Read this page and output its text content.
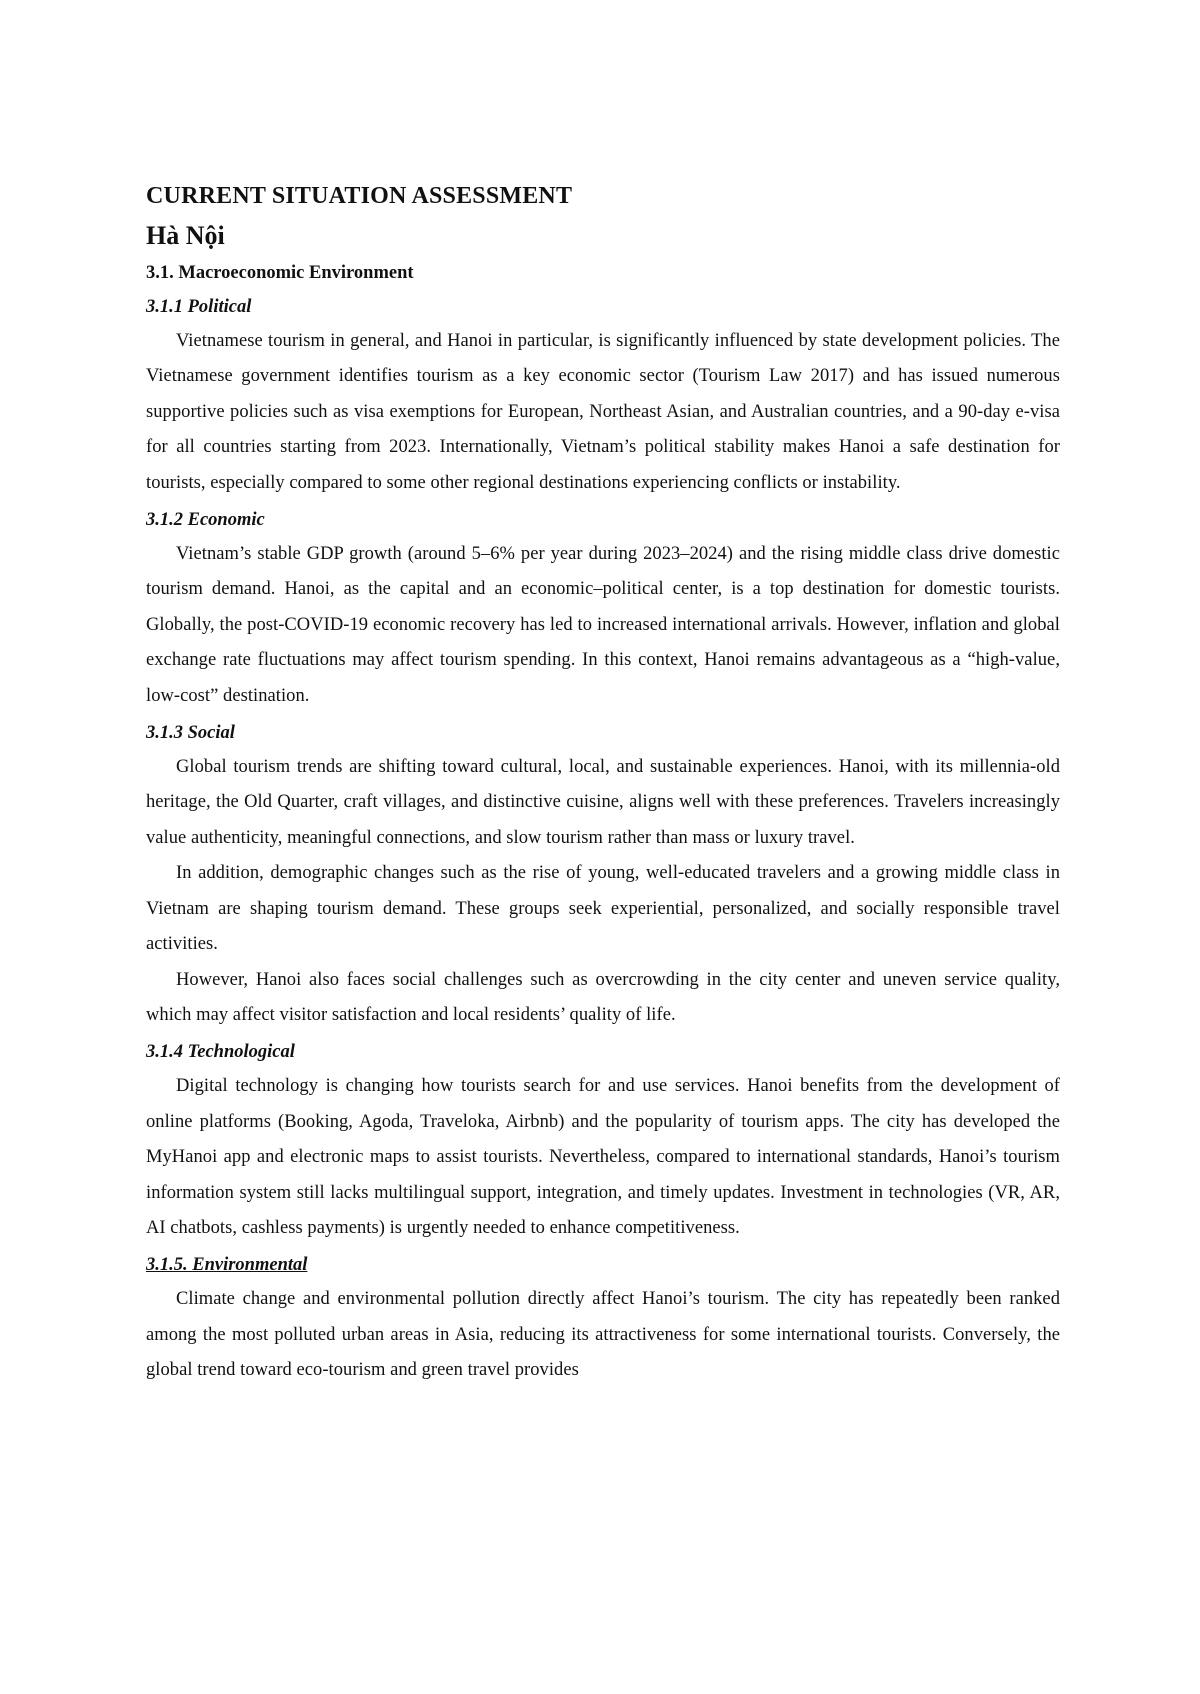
CURRENT SITUATION ASSESSMENT
Hà Nội
3.1. Macroeconomic Environment
3.1.1 Political

Vietnamese tourism in general, and Hanoi in particular, is significantly influenced by state development policies. The Vietnamese government identifies tourism as a key economic sector (Tourism Law 2017) and has issued numerous supportive policies such as visa exemptions for European, Northeast Asian, and Australian countries, and a 90-day e-visa for all countries starting from 2023. Internationally, Vietnam’s political stability makes Hanoi a safe destination for tourists, especially compared to some other regional destinations experiencing conflicts or instability.

3.1.2 Economic

Vietnam’s stable GDP growth (around 5–6% per year during 2023–2024) and the rising middle class drive domestic tourism demand. Hanoi, as the capital and an economic–political center, is a top destination for domestic tourists. Globally, the post-COVID-19 economic recovery has led to increased international arrivals. However, inflation and global exchange rate fluctuations may affect tourism spending. In this context, Hanoi remains advantageous as a “high-value, low-cost” destination.

3.1.3 Social

Global tourism trends are shifting toward cultural, local, and sustainable experiences. Hanoi, with its millennia-old heritage, the Old Quarter, craft villages, and distinctive cuisine, aligns well with these preferences. Travelers increasingly value authenticity, meaningful connections, and slow tourism rather than mass or luxury travel.

In addition, demographic changes such as the rise of young, well-educated travelers and a growing middle class in Vietnam are shaping tourism demand. These groups seek experiential, personalized, and socially responsible travel activities.

However, Hanoi also faces social challenges such as overcrowding in the city center and uneven service quality, which may affect visitor satisfaction and local residents’ quality of life.

3.1.4 Technological

Digital technology is changing how tourists search for and use services. Hanoi benefits from the development of online platforms (Booking, Agoda, Traveloka, Airbnb) and the popularity of tourism apps. The city has developed the MyHanoi app and electronic maps to assist tourists. Nevertheless, compared to international standards, Hanoi’s tourism information system still lacks multilingual support, integration, and timely updates. Investment in technologies (VR, AR, AI chatbots, cashless payments) is urgently needed to enhance competitiveness.

3.1.5. Environmental

Climate change and environmental pollution directly affect Hanoi’s tourism. The city has repeatedly been ranked among the most polluted urban areas in Asia, reducing its attractiveness for some international tourists. Conversely, the global trend toward eco-tourism and green travel provides
